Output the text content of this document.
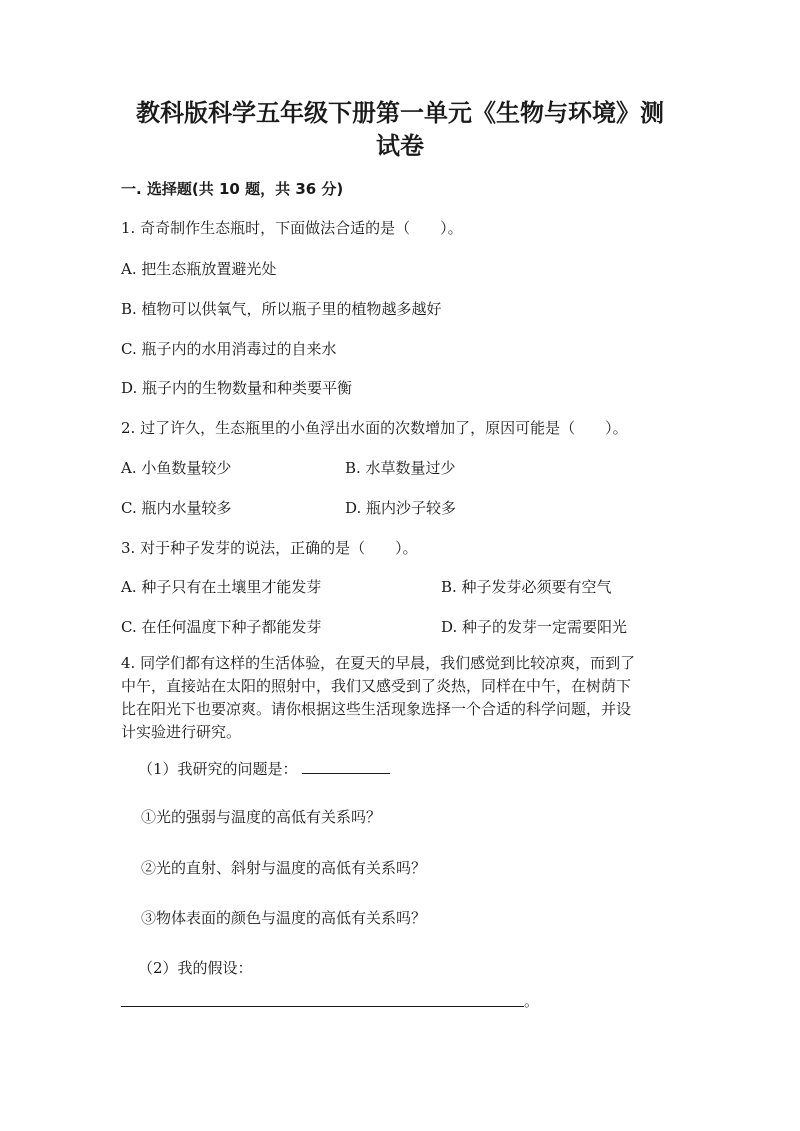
教科版科学五年级下册第一单元《生物与环境》测
试卷
一. 选择题(共 10 题，共 36 分)
1. 奇奇制作生态瓶时，下面做法合适的是（　　）。
A. 把生态瓶放置避光处
B. 植物可以供氧气，所以瓶子里的植物越多越好
C. 瓶子内的水用消毒过的自来水
D. 瓶子内的生物数量和种类要平衡
2. 过了许久，生态瓶里的小鱼浮出水面的次数增加了，原因可能是（　　）。
A. 小鱼数量较少	B. 水草数量过少
C. 瓶内水量较多	D. 瓶内沙子较多
3. 对于种子发芽的说法，正确的是（　　）。
A. 种子只有在土壤里才能发芽	B. 种子发芽必须要有空气
C. 在任何温度下种子都能发芽	D. 种子的发芽一定需要阳光
4. 同学们都有这样的生活体验，在夏天的早晨，我们感觉到比较凉爽，而到了
中午，直接站在太阳的照射中，我们又感受到了炎热，同样在中午，在树荫下
比在阳光下也要凉爽。请你根据这些生活现象选择一个合适的科学问题，并设
计实验进行研究。
（1）我研究的问题是：
①光的强弱与温度的高低有关系吗？
②光的直射、斜射与温度的高低有关系吗？
③物体表面的颜色与温度的高低有关系吗？
（2）我的假设：
。
